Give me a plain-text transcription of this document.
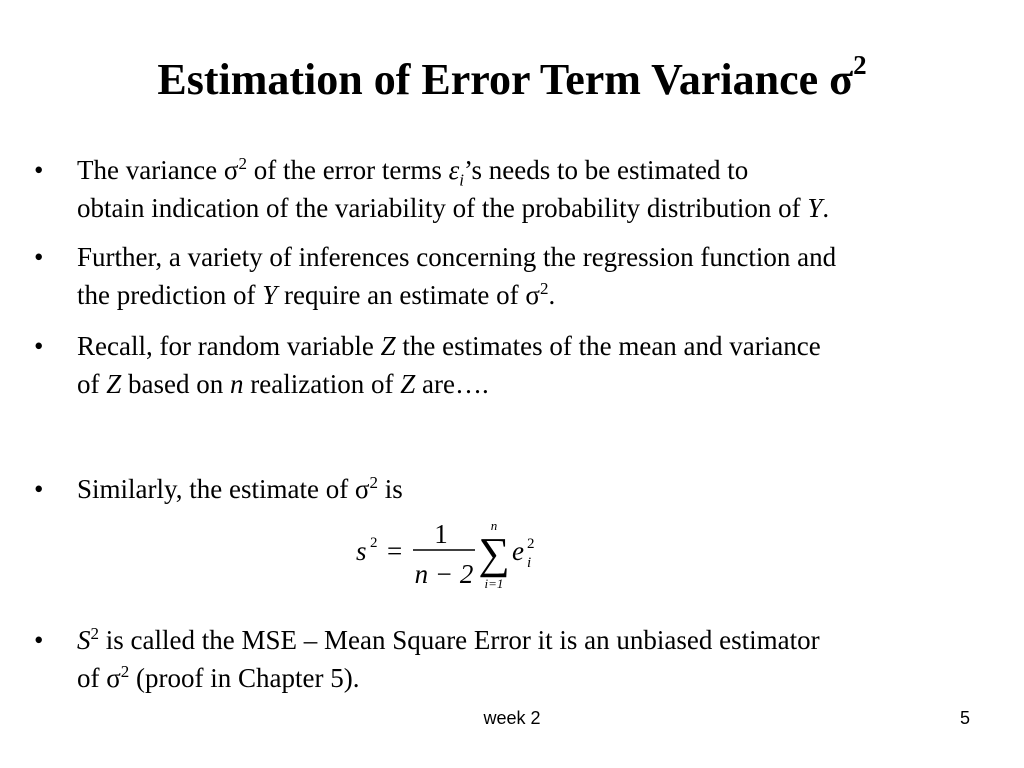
Estimation of Error Term Variance $\sigma^2$
• The variance $\sigma^2$ of the error terms $\varepsilon_i’s$ needs to be estimated to
obtain indication of the variability of the probability distribution of Y.
• Further, a variety of inferences concerning the regression function and
the prediction of Y require an estimate of $\sigma^2$.
• Recall, for random variable Z the estimates of the mean and variance
of Z based on n realization of Z are….
• Similarly, the estimate of $\sigma^2$ is
s 2 =
1
n − 2
n
∑
i=1
e 2
i
• $S^2$ is called the MSE – Mean Square Error it is an unbiased estimator
of $\sigma^2$ (proof in Chapter 5).
week 2	5
